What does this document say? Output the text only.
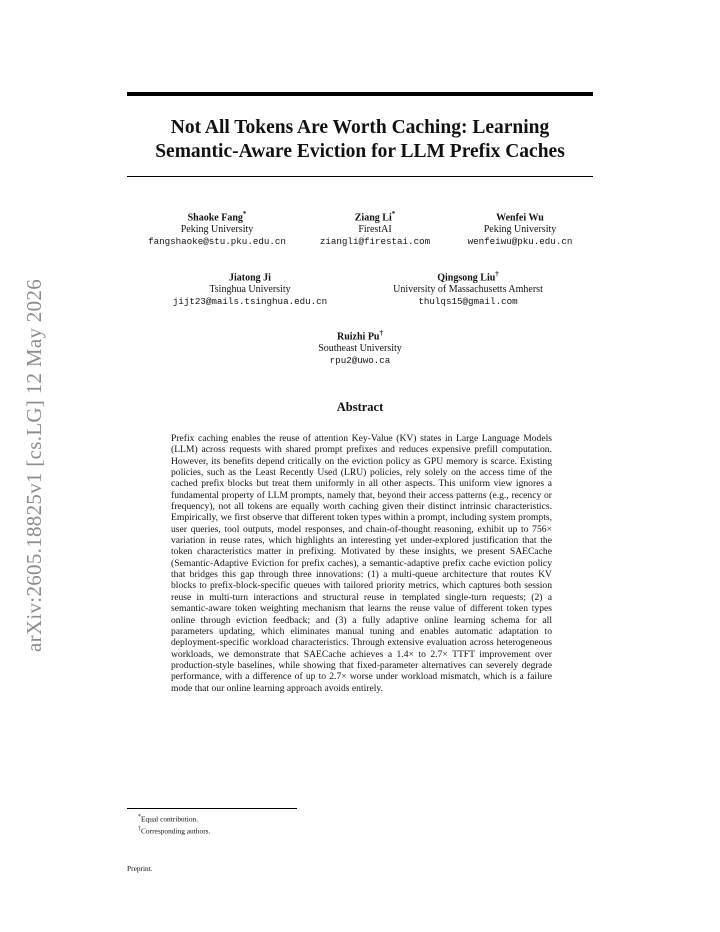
arXiv:2605.18825v1 [cs.LG] 12 May 2026
Not All Tokens Are Worth Caching: Learning
Semantic-Aware Eviction for LLM Prefix Caches
Shaoke Fang*
Peking University
fangshaoke@stu.pku.edu.cn
Ziang Li*
FirestAI
ziangli@firestai.com
Wenfei Wu
Peking University
wenfeiwu@pku.edu.cn
Jiatong Ji
Tsinghua University
jijt23@mails.tsinghua.edu.cn
Qingsong Liu†
University of Massachusetts Amherst
thulqs15@gmail.com
Ruizhi Pu†
Southeast University
rpu2@uwo.ca
Abstract

Prefix caching enables the reuse of attention Key-Value (KV) states in Large Language Models (LLM) across requests with shared prompt prefixes and reduces expensive prefill computation. However, its benefits depend critically on the eviction policy as GPU memory is scarce. Existing policies, such as the Least Recently Used (LRU) policies, rely solely on the access time of the cached prefix blocks but treat them uniformly in all other aspects. This uniform view ignores a fundamental property of LLM prompts, namely that, beyond their access patterns (e.g., recency or frequency), not all tokens are equally worth caching given their distinct intrinsic characteristics. Empirically, we first observe that different token types within a prompt, including system prompts, user queries, tool outputs, model responses, and chain-of-thought reasoning, exhibit up to 756× variation in reuse rates, which highlights an interesting yet under-explored justification that the token characteristics matter in prefixing. Motivated by these insights, we present SAECache (Semantic-Adaptive Eviction for prefix caches), a semantic-adaptive prefix cache eviction policy that bridges this gap through three innovations: (1) a multi-queue architecture that routes KV blocks to prefix-block-specific queues with tailored priority metrics, which captures both session reuse in multi-turn interactions and structural reuse in templated single-turn requests; (2) a semantic-aware token weighting mechanism that learns the reuse value of different token types online through eviction feedback; and (3) a fully adaptive online learning schema for all parameters updating, which eliminates manual tuning and enables automatic adaptation to deployment-specific workload characteristics. Through extensive evaluation across heterogeneous workloads, we demonstrate that SAECache achieves a 1.4× to 2.7× TTFT improvement over production-style baselines, while showing that fixed-parameter alternatives can severely degrade performance, with a difference of up to 2.7× worse under workload mismatch, which is a failure mode that our online learning approach avoids entirely.

*Equal contribution.
†Corresponding authors.
Preprint.
